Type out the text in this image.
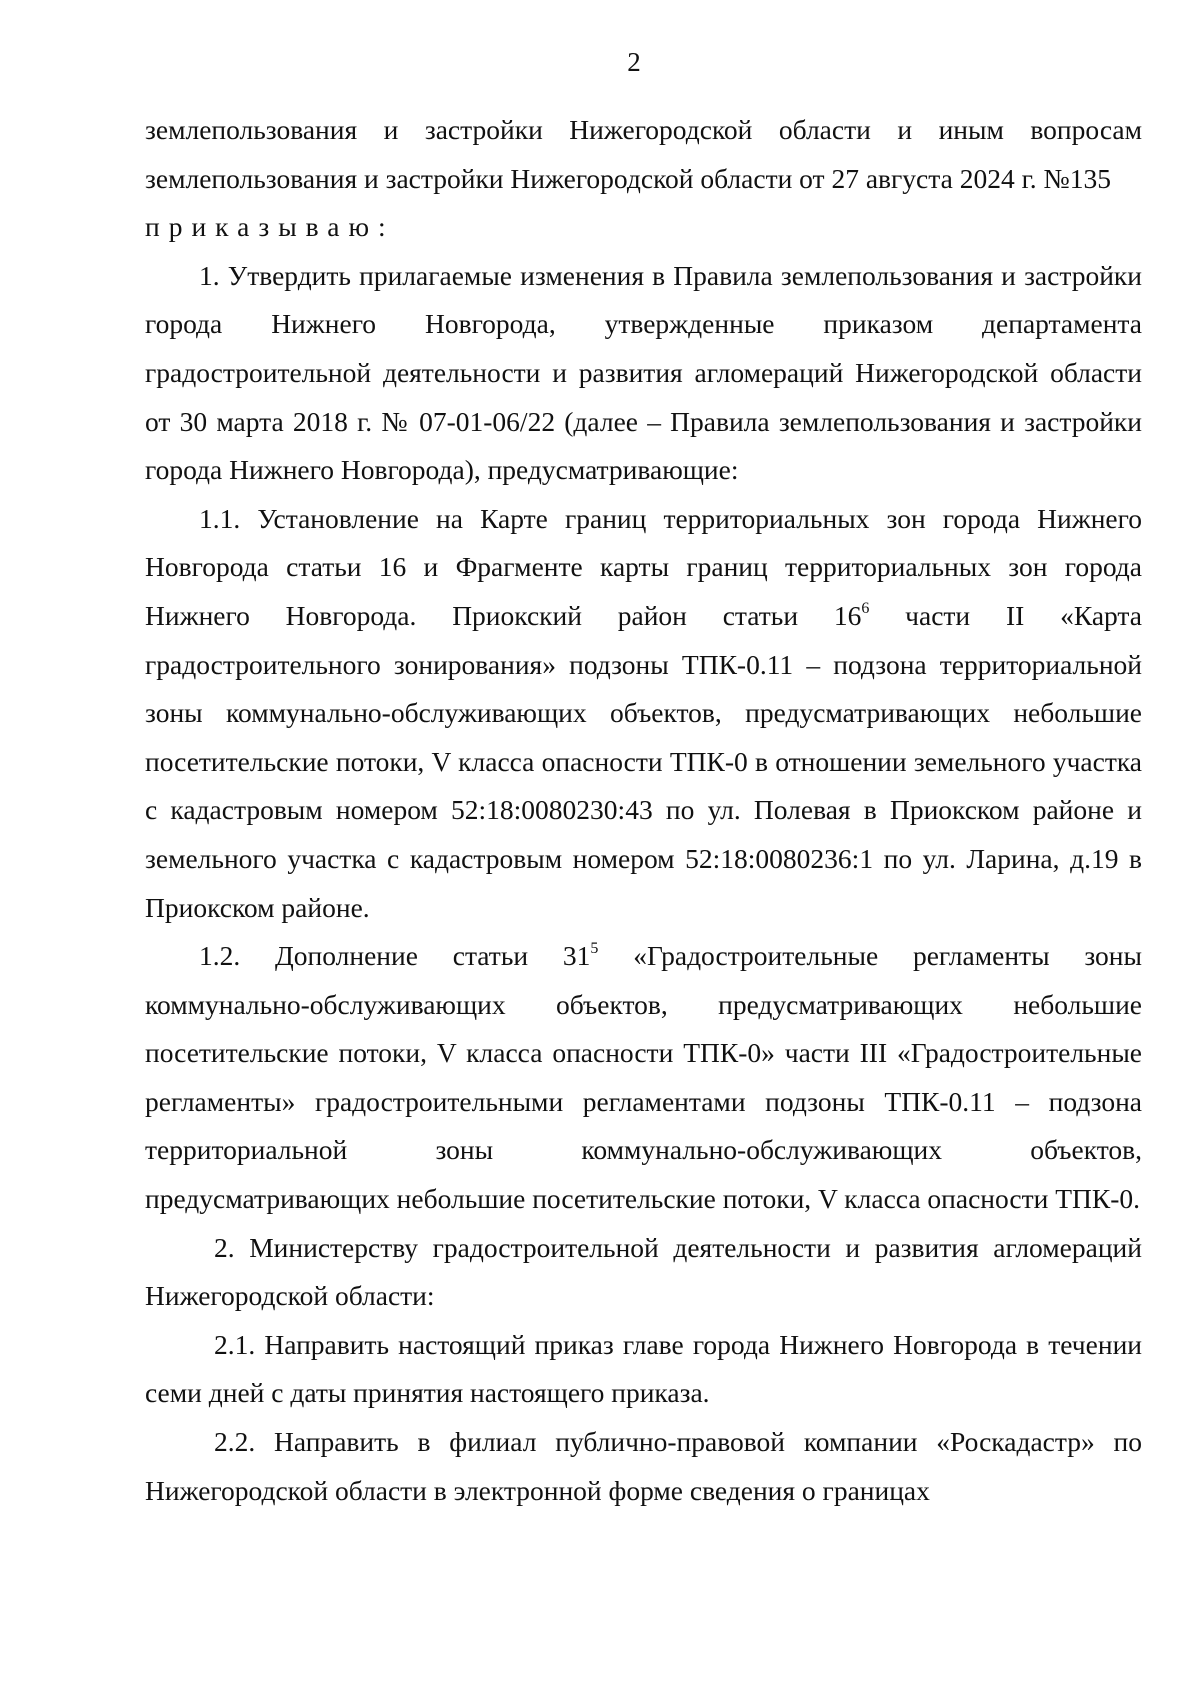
2

землепользования и застройки Нижегородской области и иным вопросам землепользования и застройки Нижегородской области от 27 августа 2024 г. №135

приказываю:

1. Утвердить прилагаемые изменения в Правила землепользования и застройки города Нижнего Новгорода, утвержденные приказом департамента градостроительной деятельности и развития агломераций Нижегородской области от 30 марта 2018 г. № 07-01-06/22 (далее – Правила землепользования и застройки города Нижнего Новгорода), предусматривающие:

1.1. Установление на Карте границ территориальных зон города Нижнего Новгорода статьи 16 и Фрагменте карты границ территориальных зон города Нижнего Новгорода. Приокский район статьи $16^6$ части II «Карта градостроительного зонирования» подзоны ТПК-0.11 – подзона территориальной зоны коммунально-обслуживающих объектов, предусматривающих небольшие посетительские потоки, V класса опасности ТПК-0 в отношении земельного участка с кадастровым номером 52:18:0080230:43 по ул. Полевая в Приокском районе и земельного участка с кадастровым номером 52:18:0080236:1 по ул. Ларина, д.19 в Приокском районе.

1.2. Дополнение статьи $31^5$ «Градостроительные регламенты зоны коммунально-обслуживающих объектов, предусматривающих небольшие посетительские потоки, V класса опасности ТПК-0» части III «Градостроительные регламенты» градостроительными регламентами подзоны ТПК-0.11 – подзона территориальной зоны коммунально-обслуживающих объектов, предусматривающих небольшие посетительские потоки, V класса опасности ТПК-0.

2. Министерству градостроительной деятельности и развития агломераций Нижегородской области:

2.1. Направить настоящий приказ главе города Нижнего Новгорода в течении семи дней с даты принятия настоящего приказа.

2.2. Направить в филиал публично-правовой компании «Роскадастр» по Нижегородской области в электронной форме сведения о границах
